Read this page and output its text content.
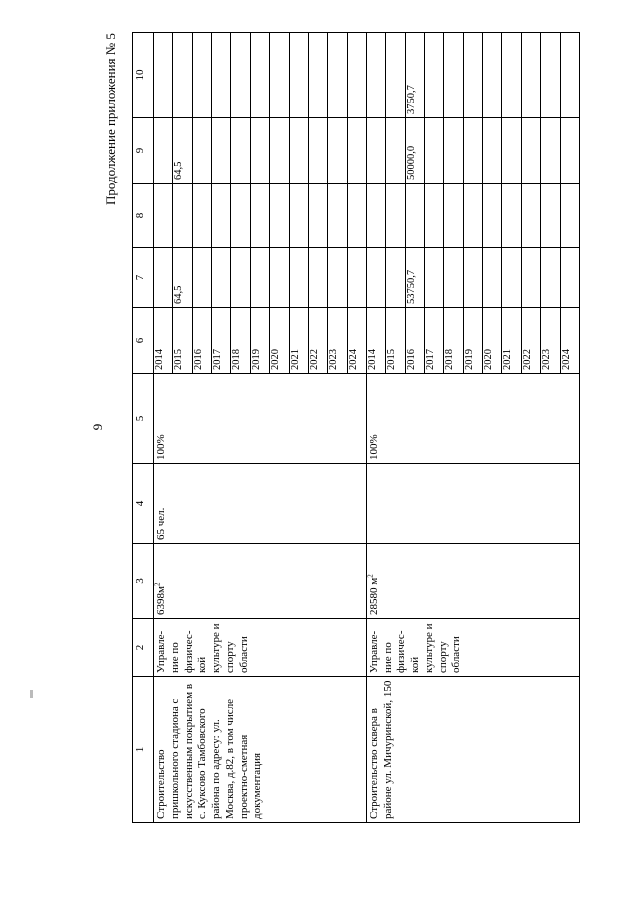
9
Продолжение приложения № 5
1	2	3	4	5	6	7	8	9	10	
Строительство пришкольного стадиона с искусственным покрытием в с. Куксово Тамбовского района по адресу: ул. Москва, д.82, в том числе проектно-сметная документация	Управле-ние по физичес-кой культуре и спорту области	$6398м^2$	65 чел.	100%	2014					
					2015	64,5		64,5		
					2016					
					2017					
					2018					
					2019					
					2020					
					2021					
					2022					
					2023					
					2024					
Строительство сквера в районе ул. Мичуринской, 150	Управле-ние по физичес-кой культуре и спорту области	28580 $м^2$		100%	2014					
					2015					
					2016	53750,7		50000,0	3750,7	
					2017					
					2018					
					2019					
					2020					
					2021					
					2022					
					2023					
					2024					
